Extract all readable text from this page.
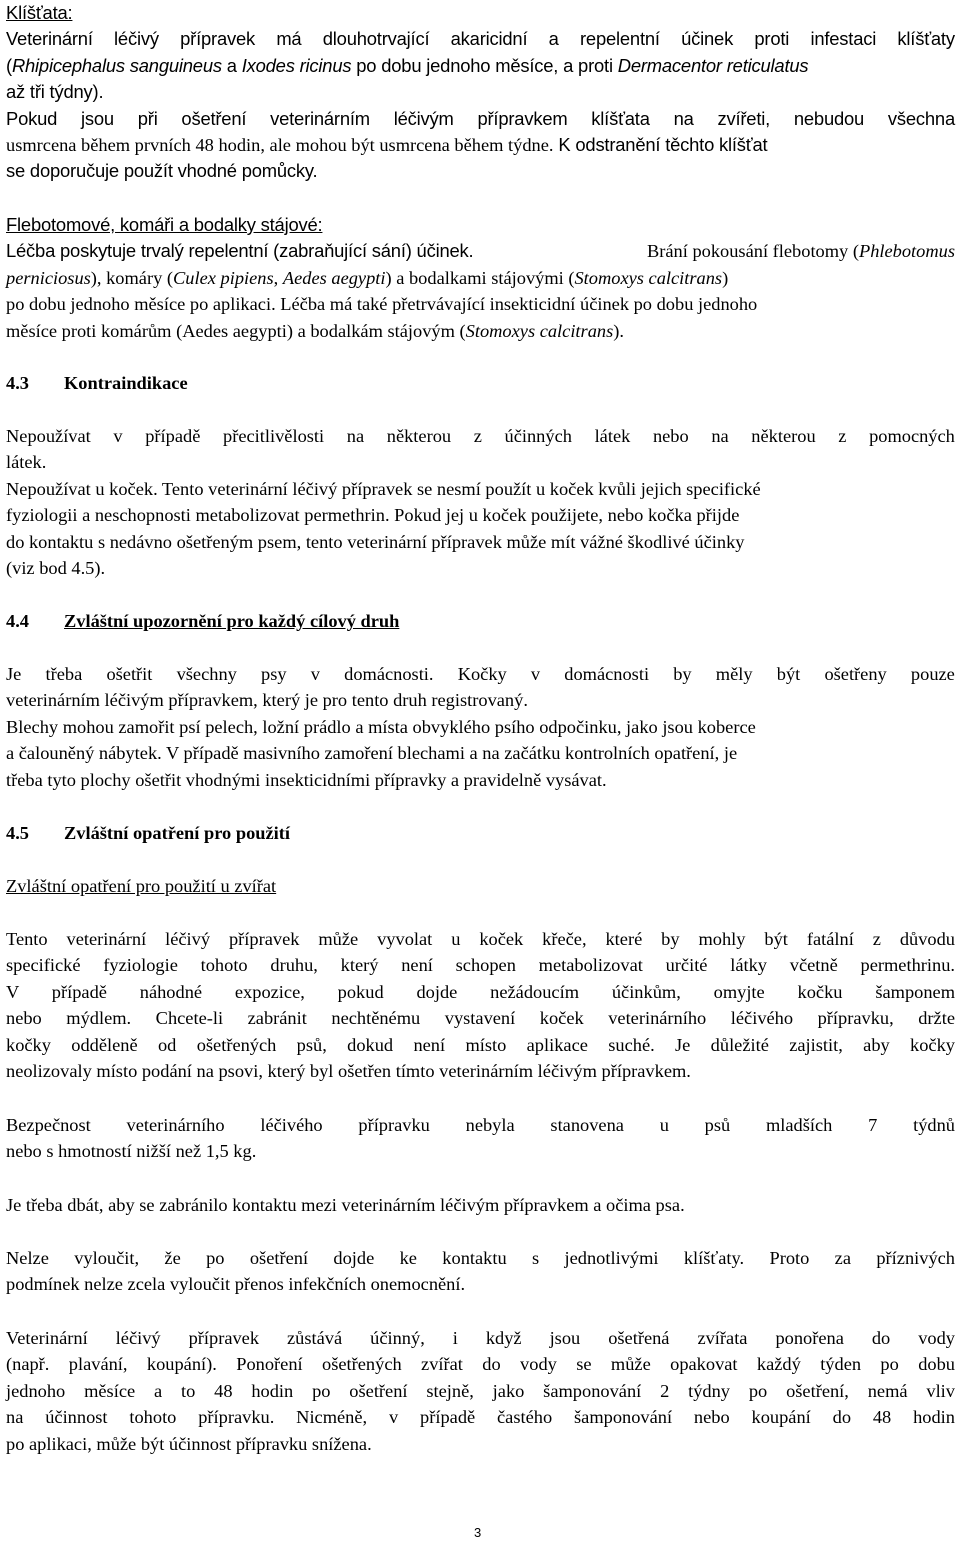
Klíšťata:
Veterinární léčivý přípravek má dlouhotrvající akaricidní a repelentní účinek proti infestaci klíšťaty
(Rhipicephalus sanguineus a Ixodes ricinus po dobu jednoho měsíce, a proti Dermacentor reticulatus
až tři týdny).
Pokud jsou při ošetření veterinárním léčivým přípravkem klíšťata na zvířeti, nebudou všechna
usmrcena během prvních 48 hodin, ale mohou být usmrcena během týdne. K odstranění těchto klíšťat
se doporučuje použít vhodné pomůcky.
Flebotomové, komáři a bodalky stájové:
Léčba poskytuje trvalý repelentní (zabraňující sání) účinek.	Brání pokousání flebotomy (Phlebotomus
perniciosus), komáry (Culex pipiens, Aedes aegypti) a bodalkami stájovými (Stomoxys calcitrans)
po dobu jednoho měsíce po aplikaci. Léčba má také přetrvávající insekticidní účinek po dobu jednoho
měsíce proti komárům (Aedes aegypti) a bodalkám stájovým (Stomoxys calcitrans).
4.3	Kontraindikace
Nepoužívat v případě přecitlivělosti na některou z účinných látek nebo na některou z pomocných
látek.
Nepoužívat u koček. Tento veterinární léčivý přípravek se nesmí použít u koček kvůli jejich specifické
fyziologii a neschopnosti metabolizovat permethrin. Pokud jej u koček použijete, nebo kočka přijde
do kontaktu s nedávno ošetřeným psem, tento veterinární přípravek může mít vážné škodlivé účinky
(viz bod 4.5).
4.4	Zvláštní upozornění pro každý cílový druh
Je třeba ošetřit všechny psy v domácnosti. Kočky v domácnosti by měly být ošetřeny pouze
veterinárním léčivým přípravkem, který je pro tento druh registrovaný.
Blechy mohou zamořit psí pelech, ložní prádlo a místa obvyklého psího odpočinku, jako jsou koberce
a čalouněný nábytek. V případě masivního zamoření blechami a na začátku kontrolních opatření, je
třeba tyto plochy ošetřit vhodnými insekticidními přípravky a pravidelně vysávat.
4.5	Zvláštní opatření pro použití
Zvláštní opatření pro použití u zvířat
Tento veterinární léčivý přípravek může vyvolat u koček křeče, které by mohly být fatální z důvodu
specifické fyziologie tohoto druhu, který není schopen metabolizovat určité látky včetně permethrinu.
V případě náhodné expozice, pokud dojde nežádoucím účinkům, omyjte kočku šamponem
nebo mýdlem. Chcete-li zabránit nechtěnému vystavení koček veterinárního léčivého přípravku, držte
kočky odděleně od ošetřených psů, dokud není místo aplikace suché. Je důležité zajistit, aby kočky
neolizovaly místo podání na psovi, který byl ošetřen tímto veterinárním léčivým přípravkem.
Bezpečnost veterinárního léčivého přípravku nebyla stanovena u psů mladších 7 týdnů
nebo s hmotností nižší než 1,5 kg.
Je třeba dbát, aby se zabránilo kontaktu mezi veterinárním léčivým přípravkem a očima psa.
Nelze vyloučit, že po ošetření dojde ke kontaktu s jednotlivými klíšťaty. Proto za příznivých
podmínek nelze zcela vyloučit přenos infekčních onemocnění.
Veterinární léčivý přípravek zůstává účinný, i když jsou ošetřená zvířata ponořena do vody
(např. plavání, koupání). Ponoření ošetřených zvířat do vody se může opakovat každý týden po dobu
jednoho měsíce a to 48 hodin po ošetření stejně, jako šamponování 2 týdny po ošetření, nemá vliv
na účinnost tohoto přípravku. Nicméně, v případě častého šamponování nebo koupání do 48 hodin
po aplikaci, může být účinnost přípravku snížena.
3
